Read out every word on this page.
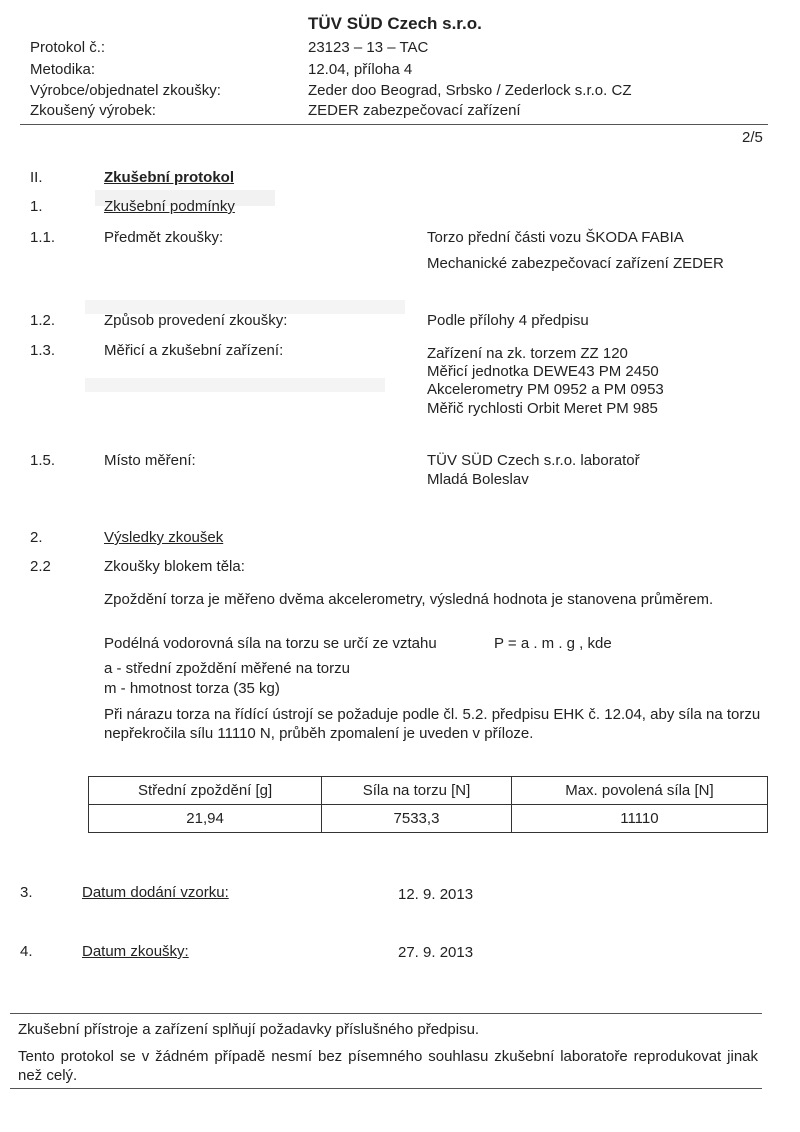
TÜV SÜD Czech s.r.o.
Protokol č.:	23123 – 13 – TAC
Metodika:	12.04, příloha 4
Výrobce/objednatel zkoušky:	Zeder doo Beograd, Srbsko / Zederlock s.r.o. CZ
Zkoušený výrobek:	ZEDER zabezpečovací zařízení
2/5
II.	Zkušební protokol
1.	Zkušební podmínky
1.1.	Předmět zkoušky:	Torzo přední části vozu ŠKODA FABIA
Mechanické zabezpečovací zařízení ZEDER
1.2.	Způsob provedení zkoušky:	Podle přílohy 4 předpisu
1.3.	Měřicí a zkušební zařízení:	Zařízení na zk. torzem ZZ 120
Měřicí jednotka DEWE43 PM 2450
Akcelerometry PM 0952 a PM 0953
Měřič rychlosti Orbit Meret PM 985
1.5.	Místo měření:	TÜV SÜD Czech s.r.o. laboratoř
Mladá Boleslav
2.	Výsledky zkoušek
2.2	Zkoušky blokem těla:
Zpoždění torza je měřeno dvěma akcelerometry, výsledná hodnota je stanovena průměrem.
Podélná vodorovná síla na torzu se určí ze vztahu	P = a . m . g , kde
a - střední zpoždění měřené na torzu
m - hmotnost torza (35 kg)
Při nárazu torza na řídící ústrojí se požaduje podle čl. 5.2. předpisu EHK č. 12.04, aby síla na torzu nepřekročila sílu 11110 N, průběh zpomalení je uveden v příloze.
Střední zpoždění [g]	Síla na torzu [N]	Max. povolená síla [N]
21,94	7533,3	11110
3.	Datum dodání vzorku:	12. 9. 2013
4.	Datum zkoušky:	27. 9. 2013
Zkušební přístroje a zařízení splňují požadavky příslušného předpisu.
Tento protokol se v žádném případě nesmí bez písemného souhlasu zkušební laboratoře reprodukovat jinak než celý.
